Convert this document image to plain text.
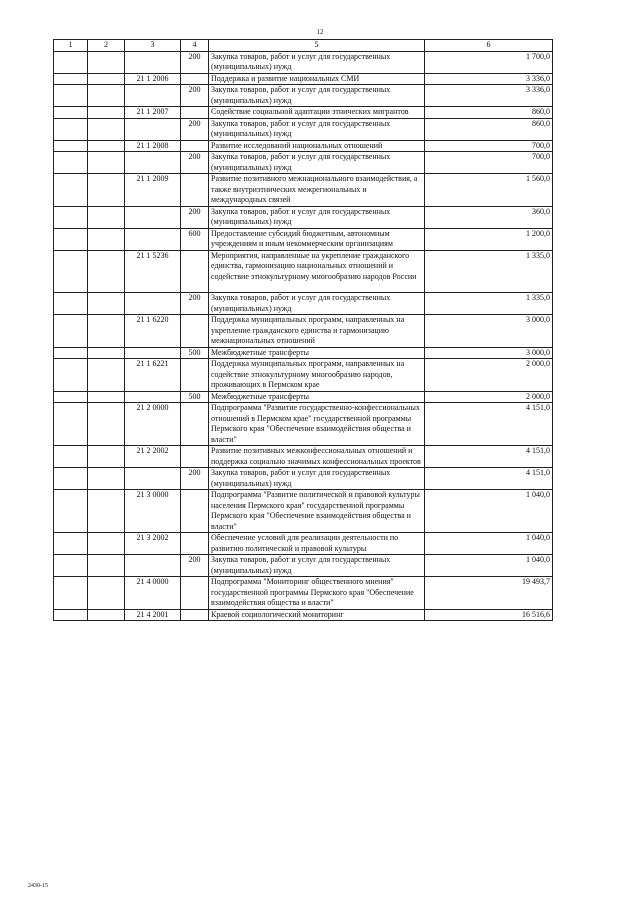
12
1	2	3	4	5	6
			200	Закупка товаров, работ и услуг для государственных (муниципальных) нужд	1 700,0
		21 1 2006		Поддержка и развитие национальных СМИ	3 336,0
			200	Закупка товаров, работ и услуг для государственных (муниципальных) нужд	3 336,0
		21 1 2007		Содействие социальной адаптации этнических мигрантов	860,0
			200	Закупка товаров, работ и услуг для государственных (муниципальных) нужд	860,0
		21 1 2008		Развитие исследований национальных отношений	700,0
			200	Закупка товаров, работ и услуг для государственных (муниципальных) нужд	700,0
		21 1 2009		Развитие позитивного межнационального взаимодействия, а также внутриэтнических межрегиональных и международных связей	1 560,0
			200	Закупка товаров, работ и услуг для государственных (муниципальных) нужд	360,0
			600	Предоставление субсидий бюджетным, автономным учреждениям и иным некоммерческим организациям	1 200,0
		21 1 5236		Мероприятия, направленные на укрепление гражданского единства, гармонизацию национальных отношений и содействие этнокультурному многообразию народов России	1 335,0
			200	Закупка товаров, работ и услуг для государственных (муниципальных) нужд	1 335,0
		21 1 6220		Поддержка муниципальных программ, направленных на укрепление гражданского единства и гармонизацию межнациональных отношений	3 000,0
			500	Межбюджетные трансферты	3 000,0
		21 1 6221		Поддержка муниципальных программ, направленных на содействие этнокультурному многообразию народов, проживающих в Пермском крае	2 000,0
			500	Межбюджетные трансферты	2 000,0
		21 2 0000		Подпрограмма "Развитие государственно-конфессиональных отношений в Пермском крае" государственной программы Пермского края "Обеспечение взаимодействия общества и власти"	4 151,0
		21 2 2002		Развитие позитивных межконфессиональных отношений и поддержка социально значимых конфессиональных проектов	4 151,0
			200	Закупка товаров, работ и услуг для государственных (муниципальных) нужд	4 151,0
		21 3 0000		Подпрограмма "Развитие политической и правовой культуры населения Пермского края" государственной программы Пермского края "Обеспечение взаимодействия общества и власти"	1 040,0
		21 3 2002		Обеспечение условий для реализации деятельности по развитию политической и правовой культуры	1 040,0
			200	Закупка товаров, работ и услуг для государственных (муниципальных) нужд	1 040,0
		21 4 0000		Подпрограмма "Мониторинг общественного мнения" государственной программы Пермского края "Обеспечение взаимодействия общества и власти"	19 493,7
		21 4 2001		Краевой социологический мониторинг	16 516,6
2430-15
